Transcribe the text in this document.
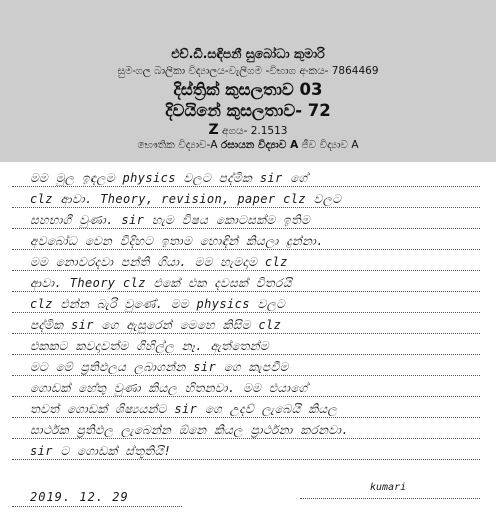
එච්.ඩී.සඳිපනී සුබෝධා කුමාරි
සුමංගල බාලිකා විද්‍යාලය-වැලිගම -විභාග අංකය- 7864469
දිස්ත්‍රික් කුසලතාව 03
දිවයිනේ කුසලතාව- 72
Z අගය- 2.1513
භෞතික විද්‍යාව-A රසායන විද්‍යාව A ජීව විද්‍යාව A
මම මුල ඉඳලම physics වලට පද්මික sir ගේ
clz ආවා. Theory, revision, paper clz වලට
සහභාගී වුණා. sir හැම විෂය කොටසක්ම ඉතිම
අවබෝධ වෙන විදිහට ඉතාම හොඳින් කියලා දුන්නා.
මම නොවරදවා පන්ති ගියා. මම හැමදාම clz
ආවා. Theory clz එකේ එක දවසක් විතරයි
clz එන්න බැරි වුණේ. මම physics වලට
පද්මික sir ගෙ ඇසුරෙන් මෙහෙ කිසිම clz
එකකට කවදාවත්ම ගිහිල්ල නෑ. ඇත්තෙන්ම
මට මේ ප්‍රතිඵලය ලබාගන්න sir ගෙ කැපවීම
ගොඩක් හේතු වුණා කියල හිතනවා. මම එයාගේ
තවත් ගොඩක් ශිෂ්‍යයන්ට sir ගෙ උදව් ලැබෙයි කියල
සාර්ථක ප්‍රතිඵල ලැබෙන්න ඕනෙ කියල ප්‍රාර්ථනා කරනවා.
sir ට ගොඩක් ස්තූතියි!
2019. 12. 29
kumari
